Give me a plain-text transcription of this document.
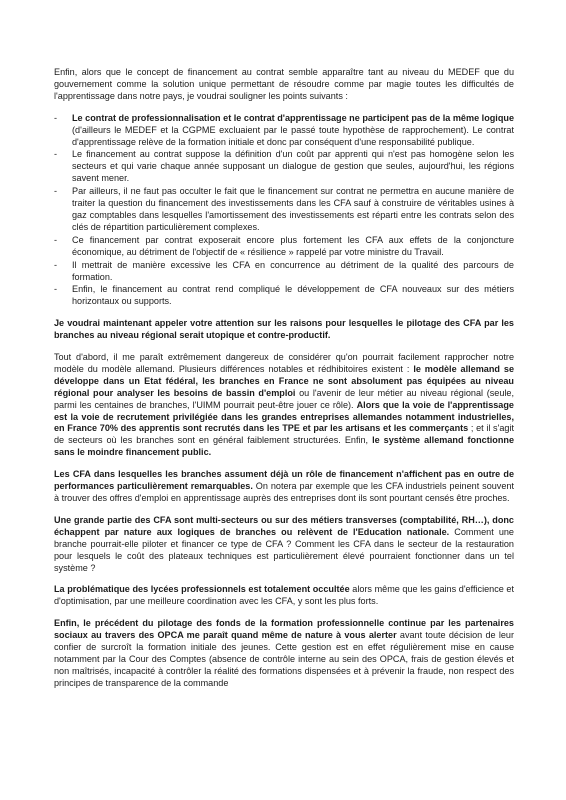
Enfin, alors que le concept de financement au contrat semble apparaître tant au niveau du MEDEF que du gouvernement comme la solution unique permettant de résoudre comme par magie toutes les difficultés de l'apprentissage dans notre pays, je voudrai souligner les points suivants :

- Le contrat de professionnalisation et le contrat d'apprentissage ne participent pas de la même logique (d'ailleurs le MEDEF et la CGPME excluaient par le passé toute hypothèse de rapprochement). Le contrat d'apprentissage relève de la formation initiale et donc par conséquent d'une responsabilité publique.
- Le financement au contrat suppose la définition d'un coût par apprenti qui n'est pas homogène selon les secteurs et qui varie chaque année supposant un dialogue de gestion que seules, aujourd'hui, les régions savent mener.
- Par ailleurs, il ne faut pas occulter le fait que le financement sur contrat ne permettra en aucune manière de traiter la question du financement des investissements dans les CFA sauf à construire de véritables usines à gaz comptables dans lesquelles l'amortissement des investissements est réparti entre les contrats selon des clés de répartition particulièrement complexes.
- Ce financement par contrat exposerait encore plus fortement les CFA aux effets de la conjoncture économique, au détriment de l'objectif de « résilience » rappelé par votre ministre du Travail.
- Il mettrait de manière excessive les CFA en concurrence au détriment de la qualité des parcours de formation.
- Enfin, le financement au contrat rend compliqué le développement de CFA nouveaux sur des métiers horizontaux ou supports.

Je voudrai maintenant appeler votre attention sur les raisons pour lesquelles le pilotage des CFA par les branches au niveau régional serait utopique et contre-productif.

Tout d'abord, il me paraît extrêmement dangereux de considérer qu'on pourrait facilement rapprocher notre modèle du modèle allemand. Plusieurs différences notables et rédhibitoires existent : le modèle allemand se développe dans un Etat fédéral, les branches en France ne sont absolument pas équipées au niveau régional pour analyser les besoins de bassin d'emploi ou l'avenir de leur métier au niveau régional (seule, parmi les centaines de branches, l'UIMM pourrait peut-être jouer ce rôle). Alors que la voie de l'apprentissage est la voie de recrutement privilégiée dans les grandes entreprises allemandes notamment industrielles, en France 70% des apprentis sont recrutés dans les TPE et par les artisans et les commerçants ; et il s'agit de secteurs où les branches sont en général faiblement structurées. Enfin, le système allemand fonctionne sans le moindre financement public.

Les CFA dans lesquelles les branches assument déjà un rôle de financement n'affichent pas en outre de performances particulièrement remarquables. On notera par exemple que les CFA industriels peinent souvent à trouver des offres d'emploi en apprentissage auprès des entreprises dont ils sont pourtant censés être proches.

Une grande partie des CFA sont multi-secteurs ou sur des métiers transverses (comptabilité, RH…), donc échappent par nature aux logiques de branches ou relèvent de l'Education nationale. Comment une branche pourrait-elle piloter et financer ce type de CFA ? Comment les CFA dans le secteur de la restauration pour lesquels le coût des plateaux techniques est particulièrement élevé pourraient fonctionner dans un tel système ?

La problématique des lycées professionnels est totalement occultée alors même que les gains d'efficience et d'optimisation, par une meilleure coordination avec les CFA, y sont les plus forts.

Enfin, le précédent du pilotage des fonds de la formation professionnelle continue par les partenaires sociaux au travers des OPCA me paraît quand même de nature à vous alerter avant toute décision de leur confier de surcroît la formation initiale des jeunes. Cette gestion est en effet régulièrement mise en cause notamment par la Cour des Comptes (absence de contrôle interne au sein des OPCA, frais de gestion élevés et non maîtrisés, incapacité à contrôler la réalité des formations dispensées et à prévenir la fraude, non respect des principes de transparence de la commande
